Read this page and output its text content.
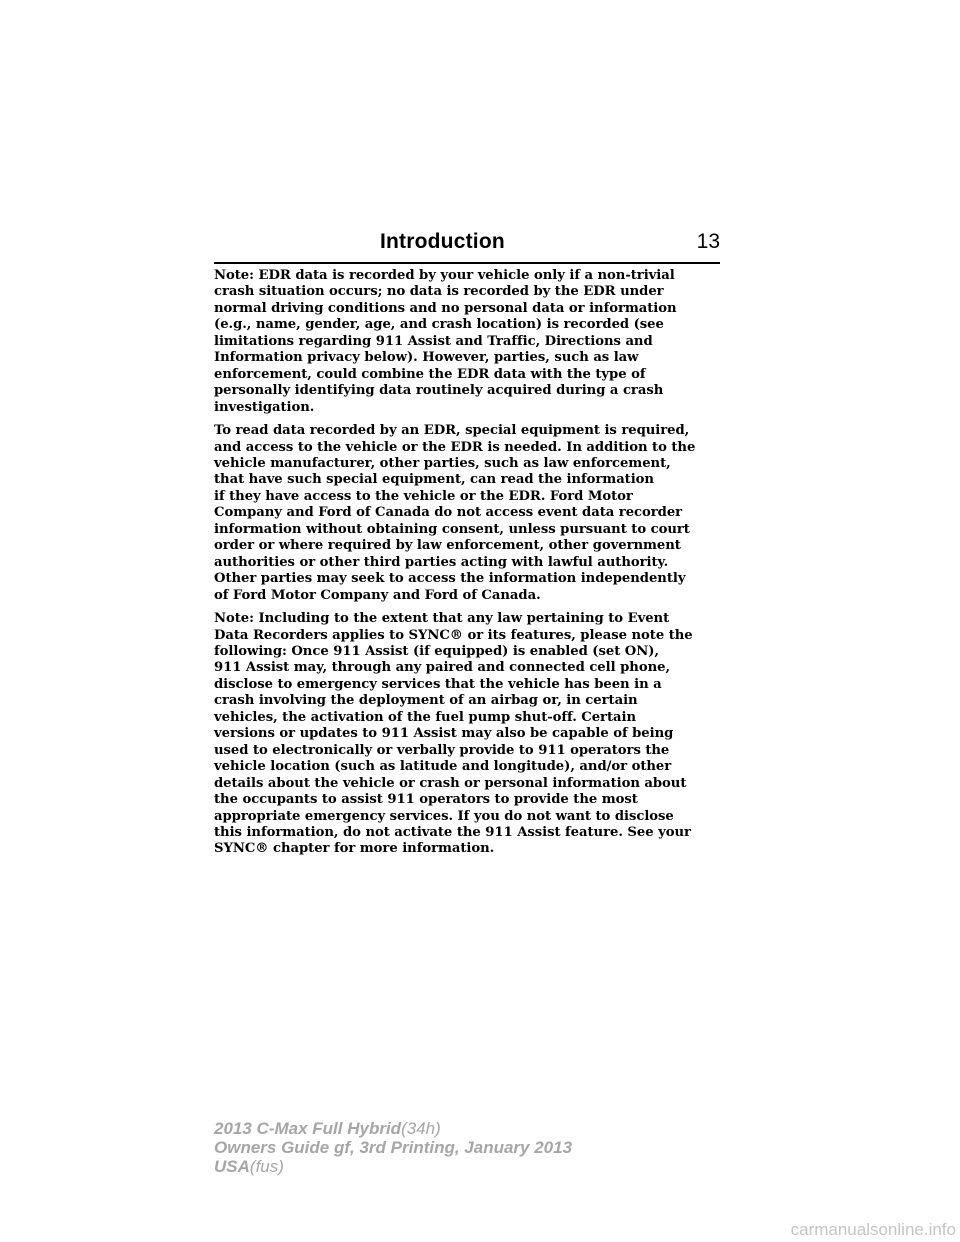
Introduction	13

Note: EDR data is recorded by your vehicle only if a non-trivial
crash situation occurs; no data is recorded by the EDR under
normal driving conditions and no personal data or information
(e.g., name, gender, age, and crash location) is recorded (see
limitations regarding 911 Assist and Traffic, Directions and
Information privacy below). However, parties, such as law
enforcement, could combine the EDR data with the type of
personally identifying data routinely acquired during a crash
investigation.

To read data recorded by an EDR, special equipment is required,
and access to the vehicle or the EDR is needed. In addition to the
vehicle manufacturer, other parties, such as law enforcement,
that have such special equipment, can read the information
if they have access to the vehicle or the EDR. Ford Motor
Company and Ford of Canada do not access event data recorder
information without obtaining consent, unless pursuant to court
order or where required by law enforcement, other government
authorities or other third parties acting with lawful authority.
Other parties may seek to access the information independently
of Ford Motor Company and Ford of Canada.

Note: Including to the extent that any law pertaining to Event
Data Recorders applies to SYNC® or its features, please note the
following: Once 911 Assist (if equipped) is enabled (set ON),
911 Assist may, through any paired and connected cell phone,
disclose to emergency services that the vehicle has been in a
crash involving the deployment of an airbag or, in certain
vehicles, the activation of the fuel pump shut-off. Certain
versions or updates to 911 Assist may also be capable of being
used to electronically or verbally provide to 911 operators the
vehicle location (such as latitude and longitude), and/or other
details about the vehicle or crash or personal information about
the occupants to assist 911 operators to provide the most
appropriate emergency services. If you do not want to disclose
this information, do not activate the 911 Assist feature. See your
SYNC® chapter for more information.

2013 C-Max Full Hybrid(34h)
Owners Guide gf, 3rd Printing, January 2013
USA(fus)
carmanualsonline.info
